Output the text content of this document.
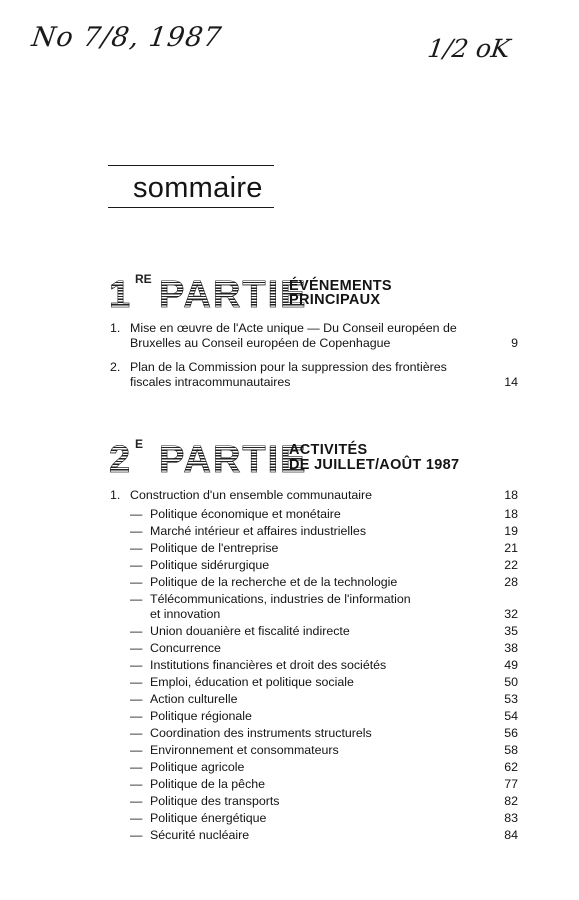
No 7/8, 1987	1/2 oK
sommaire
1 RE PARTIE
ÉVÉNEMENTS
PRINCIPAUX
1. Mise en œuvre de l'Acte unique — Du Conseil européen de
Bruxelles au Conseil européen de Copenhague	9
2. Plan de la Commission pour la suppression des frontières
fiscales intracommunautaires	14
2 E PARTIE
ACTIVITÉS
DE JUILLET/AOÛT 1987
1. Construction d'un ensemble communautaire	18
— Politique économique et monétaire	18
— Marché intérieur et affaires industrielles	19
— Politique de l'entreprise	21
— Politique sidérurgique	22
— Politique de la recherche et de la technologie	28
— Télécommunications, industries de l'information
et innovation	32
— Union douanière et fiscalité indirecte	35
— Concurrence	38
— Institutions financières et droit des sociétés	49
— Emploi, éducation et politique sociale	50
— Action culturelle	53
— Politique régionale	54
— Coordination des instruments structurels	56
— Environnement et consommateurs	58
— Politique agricole	62
— Politique de la pêche	77
— Politique des transports	82
— Politique énergétique	83
— Sécurité nucléaire	84
